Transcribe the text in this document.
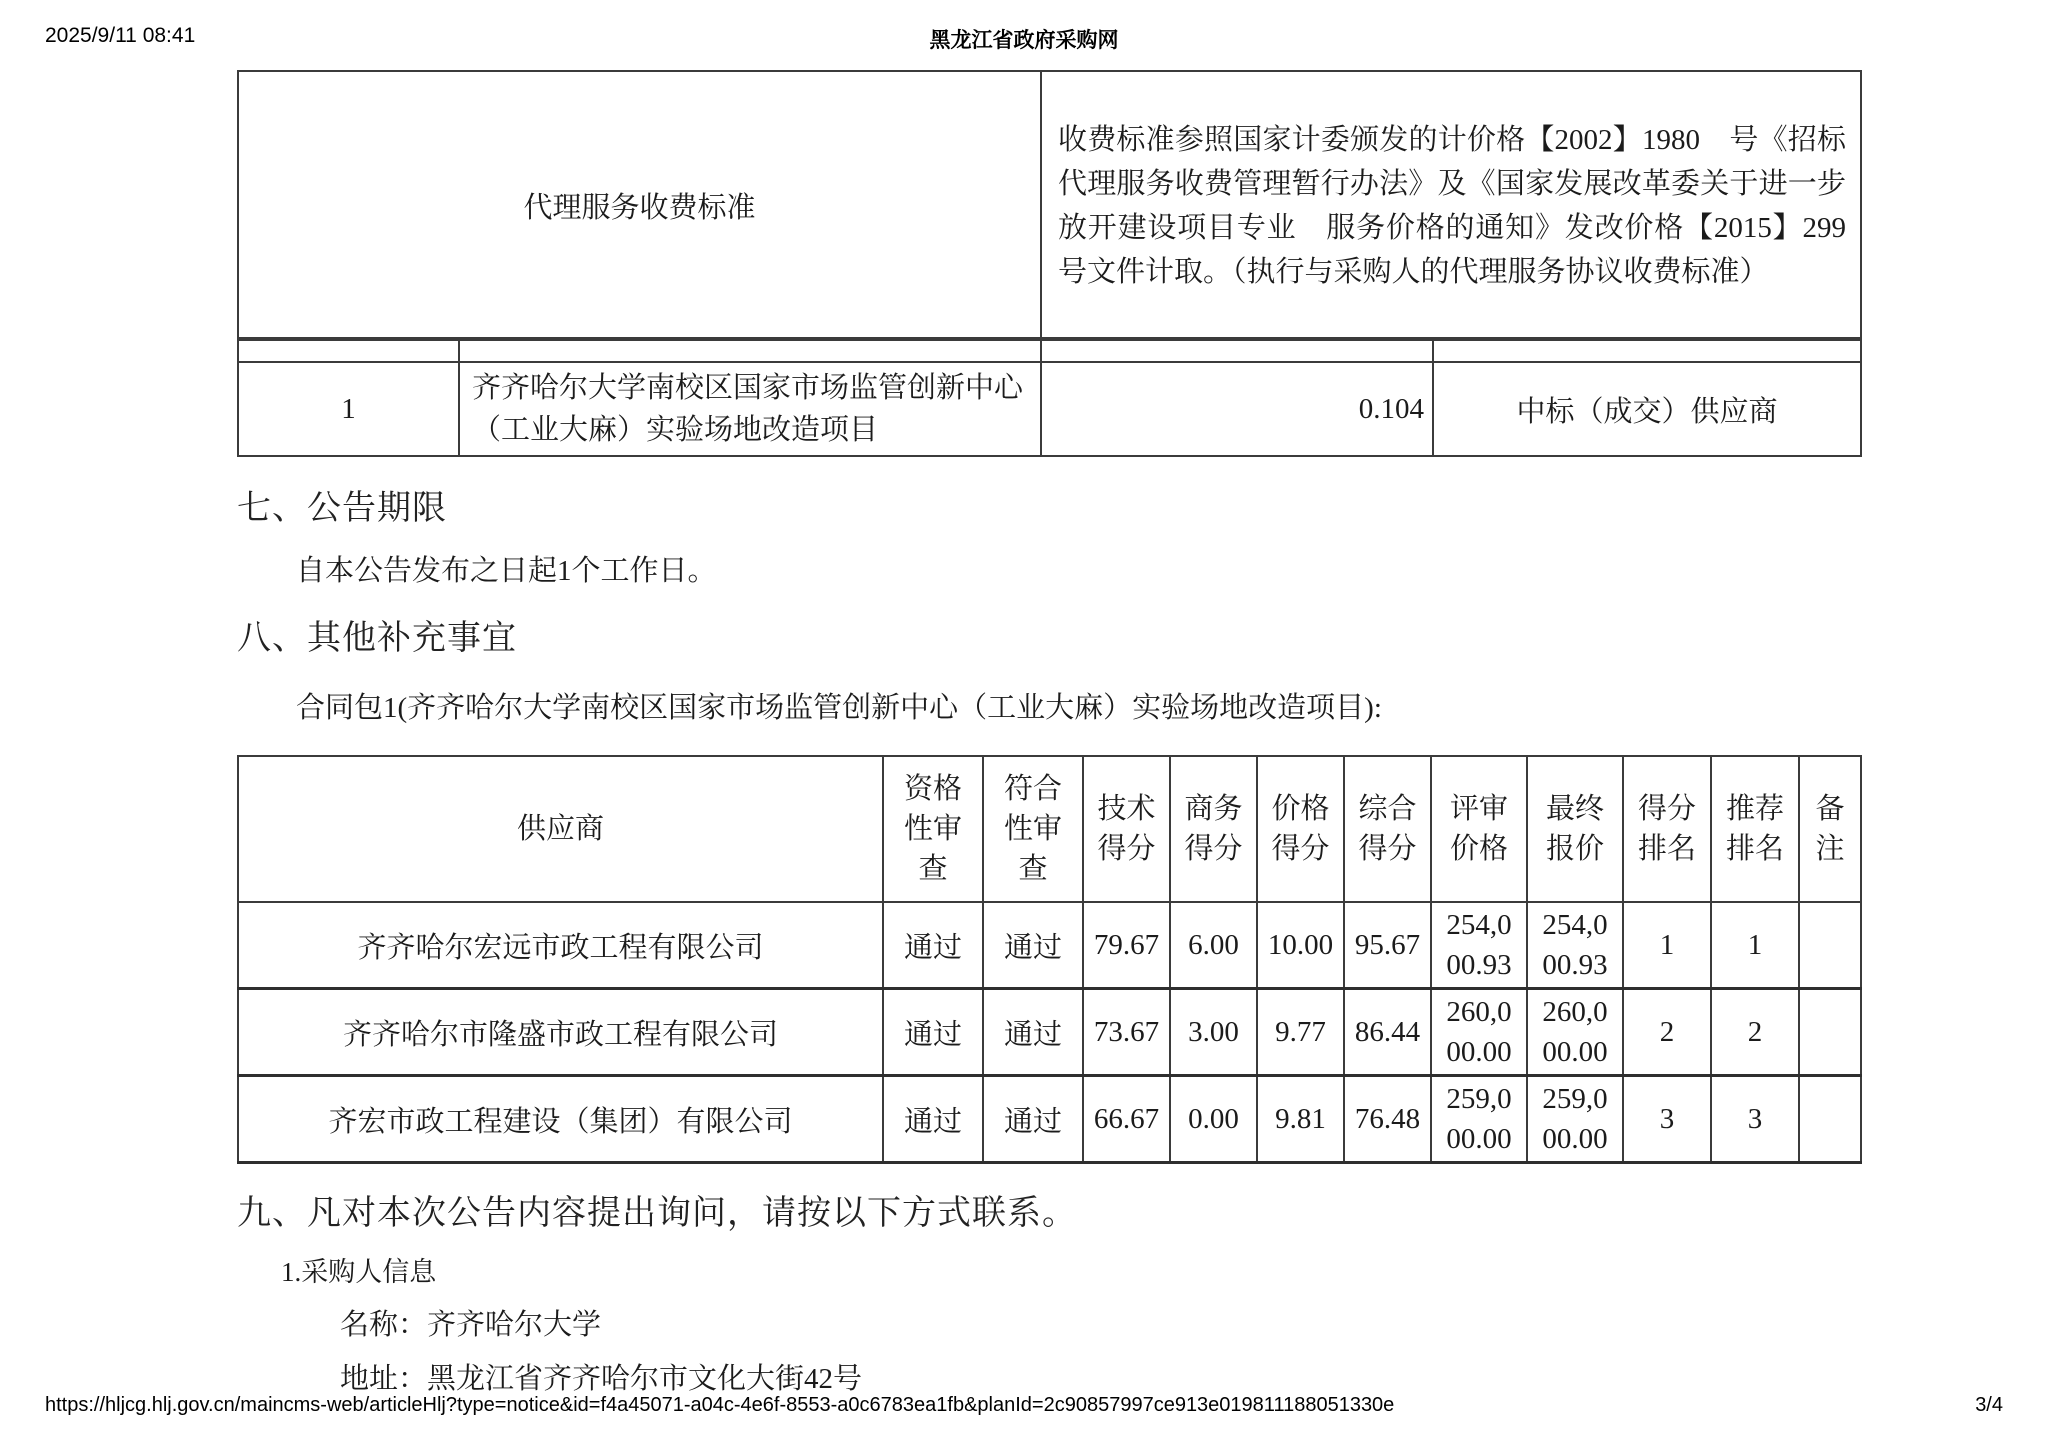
2025/9/11 08:41	黑龙江省政府采购网
代理服务收费标准	收费标准参照国家计委颁发的计价格【2002】1980　号《招标代理服务收费管理暂行办法》及《国家发展改革委关于进一步放开建设项目专业　服务价格的通知》发改价格【2015】299号文件计取。（执行与采购人的代理服务协议收费标准）

1	齐齐哈尔大学南校区国家市场监管创新中心（工业大麻）实验场地改造项目	0.104	中标（成交）供应商
七、公告期限
自本公告发布之日起1个工作日。
八、其他补充事宜
合同包1(齐齐哈尔大学南校区国家市场监管创新中心（工业大麻）实验场地改造项目):
供应商	资格性审查	符合性审查	技术得分	商务得分	价格得分	综合得分	评审价格	最终报价	得分排名	推荐排名	备注
齐齐哈尔宏远市政工程有限公司	通过	通过	79.67	6.00	10.00	95.67	254,000.93	254,000.93	1	1	
齐齐哈尔市隆盛市政工程有限公司	通过	通过	73.67	3.00	9.77	86.44	260,000.00	260,000.00	2	2	
齐宏市政工程建设（集团）有限公司	通过	通过	66.67	0.00	9.81	76.48	259,000.00	259,000.00	3	3	
九、凡对本次公告内容提出询问，请按以下方式联系。
1.采购人信息
名称：齐齐哈尔大学
地址：黑龙江省齐齐哈尔市文化大街42号
https://hljcg.hlj.gov.cn/maincms-web/articleHlj?type=notice&id=f4a45071-a04c-4e6f-8553-a0c6783ea1fb&planId=2c90857997ce913e019811188051330e	3/4
